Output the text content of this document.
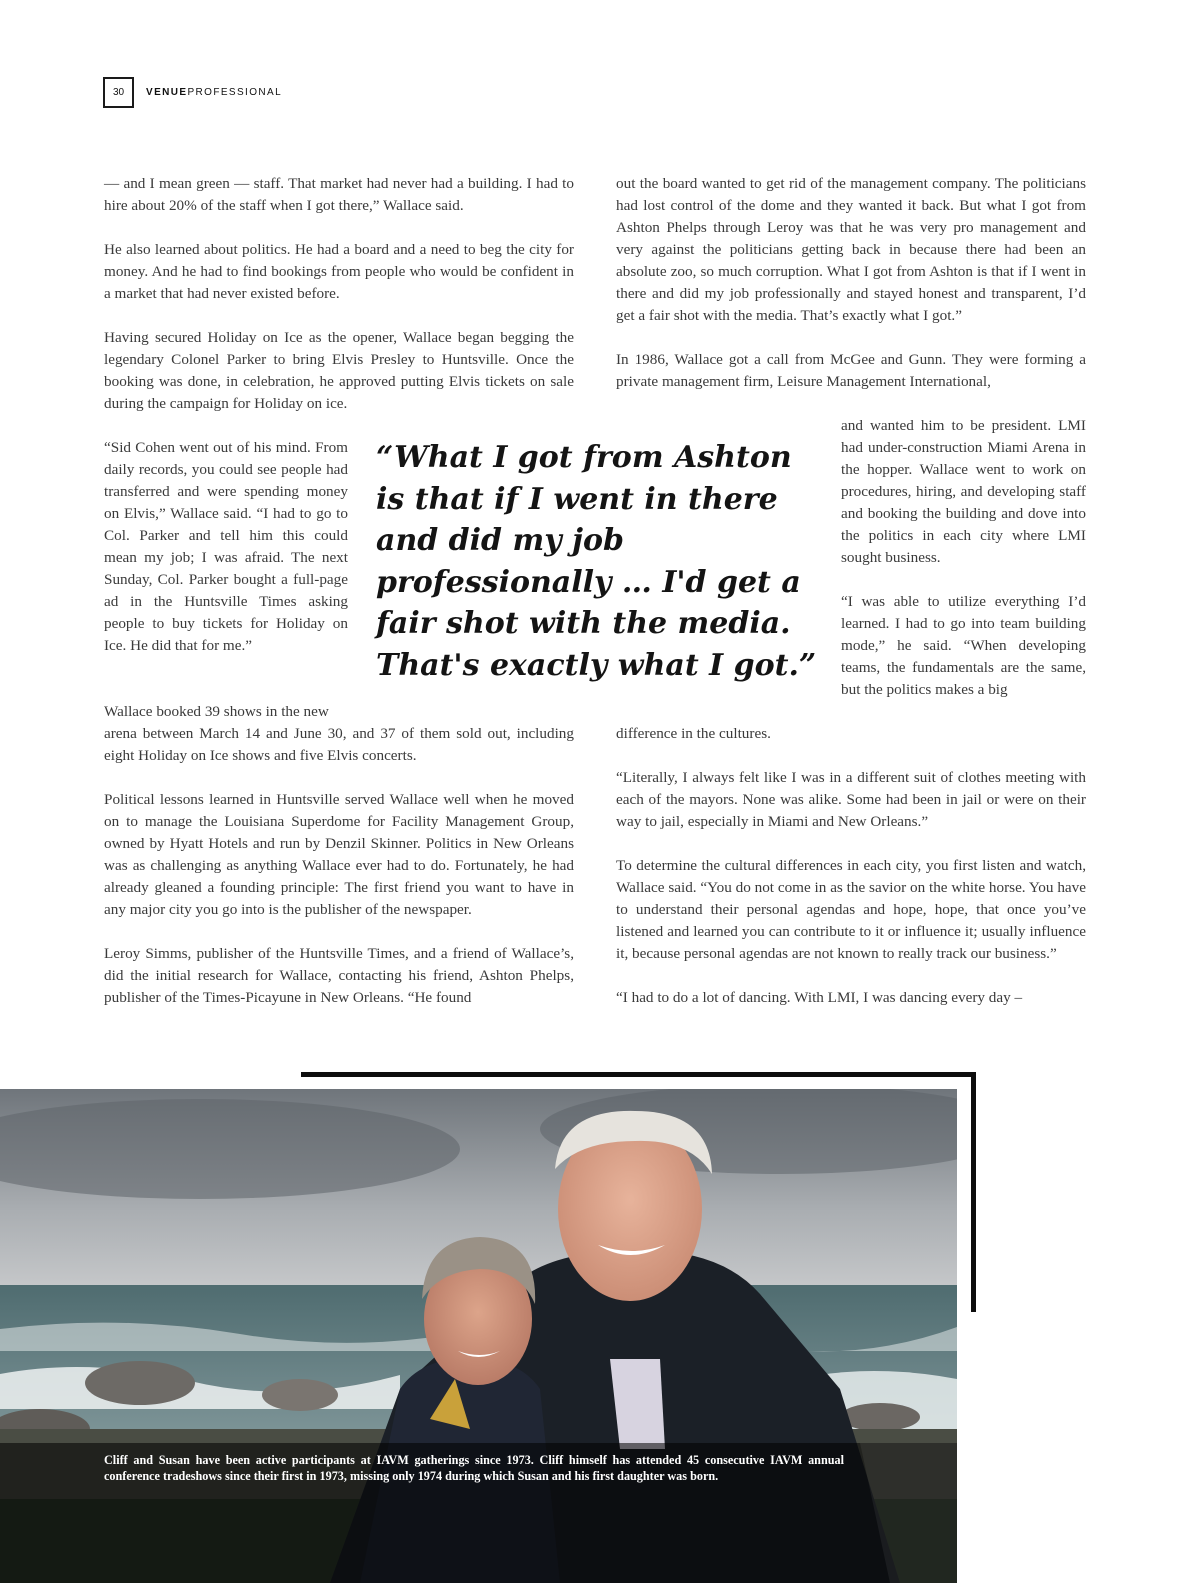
30	VENUEPROFESSIONAL

— and I mean green — staff. That market had never had a building. I had to hire about 20% of the staff when I got there,” Wallace said.

He also learned about politics. He had a board and a need to beg the city for money. And he had to find bookings from people who would be confident in a market that had never existed before.

Having secured Holiday on Ice as the opener, Wallace began begging the legendary Colonel Parker to bring Elvis Presley to Huntsville. Once the booking was done, in celebration, he approved putting Elvis tickets on sale during the campaign for Holiday on ice.

“Sid Cohen went out of his mind. From daily records, you could see people had transferred and were spending money on Elvis,” Wallace said. “I had to go to Col. Parker and tell him this could mean my job; I was afraid. The next Sunday, Col. Parker bought a full-page ad in the Huntsville Times asking people to buy tickets for Holiday on Ice. He did that for me.”

Wallace booked 39 shows in the new

arena between March 14 and June 30, and 37 of them sold out, including eight Holiday on Ice shows and five Elvis concerts.

Political lessons learned in Huntsville served Wallace well when he moved on to manage the Louisiana Superdome for Facility Management Group, owned by Hyatt Hotels and run by Denzil Skinner. Politics in New Orleans was as challenging as anything Wallace ever had to do. Fortunately, he had already gleaned a founding principle: The first friend you want to have in any major city you go into is the publisher of the newspaper.

Leroy Simms, publisher of the Huntsville Times, and a friend of Wallace’s, did the initial research for Wallace, contacting his friend, Ashton Phelps, publisher of the Times-Picayune in New Orleans. “He found

“What I got from Ashton is that if I went in there and did my job professionally … I'd get a fair shot with the media. That's exactly what I got.”

out the board wanted to get rid of the management company. The politicians had lost control of the dome and they wanted it back. But what I got from Ashton Phelps through Leroy was that he was very pro management and very against the politicians getting back in because there had been an absolute zoo, so much corruption. What I got from Ashton is that if I went in there and did my job professionally and stayed honest and transparent, I’d get a fair shot with the media. That’s exactly what I got.”

In 1986, Wallace got a call from McGee and Gunn. They were forming a private management firm, Leisure Management International,

and wanted him to be president. LMI had under-construction Miami Arena in the hopper. Wallace went to work on procedures, hiring, and developing staff and booking the building and dove into the politics in each city where LMI sought business.

“I was able to utilize everything I’d learned. I had to go into team building mode,” he said. “When developing teams, the fundamentals are the same, but the politics makes a big

difference in the cultures.

“Literally, I always felt like I was in a different suit of clothes meeting with each of the mayors. None was alike. Some had been in jail or were on their way to jail, especially in Miami and New Orleans.”

To determine the cultural differences in each city, you first listen and watch, Wallace said. “You do not come in as the savior on the white horse. You have to understand their personal agendas and hope, hope, that once you’ve listened and learned you can contribute to it or influence it; usually influence it, because personal agendas are not known to really track our business.”

“I had to do a lot of dancing. With LMI, I was dancing every day –

Cliff and Susan have been active participants at IAVM gatherings since 1973. Cliff himself has attended 45 consecutive IAVM annual conference tradeshows since their first in 1973, missing only 1974 during which Susan and his first daughter was born.
